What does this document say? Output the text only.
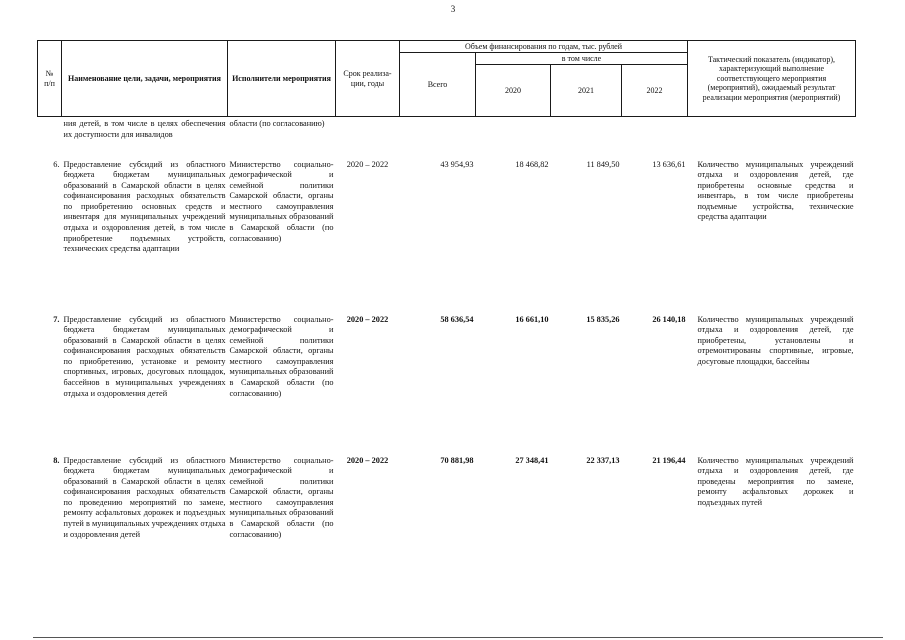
3
№
п/п	Наименование цели, задачи, мероприятия	Исполнители мероприятия	Срок реализа-ции, годы	Объем финансирования по годам, тыс. рублей				Тактический показатель (индикатор), характеризующий выполнение соответствующего мероприятия (мероприятий), ожидаемый результат реализации мероприятия (мероприятий)
				Всего	в том числе			
					2020	2021	2022	
	ния детей, в том числе в целях обеспечения их доступности для инвалидов	области (по согласованию)						
6.	Предоставление субсидий из областного бюджета бюджетам муниципальных образований в Самарской области в целях софинансирования расходных обязательств по приобретению основных средств и инвентаря для муниципальных учреждений отдыха и оздоровления детей, в том числе приобретение подъемных устройств, технических средства адаптации	Министерство социально-демографической и семейной политики Самарской области, органы местного самоуправления муниципальных образований в Самарской области (по согласованию)	2020 – 2022	43 954,93	18 468,82	11 849,50	13 636,61	Количество муниципальных учреждений отдыха и оздоровления детей, где приобретены основные средства и инвентарь, в том числе приобретены подъемные устройства, технические средства адаптации
7.	Предоставление субсидий из областного бюджета бюджетам муниципальных образований в Самарской области в целях софинансирования расходных обязательств по приобретению, установке и ремонту спортивных, игровых, досуговых площадок, бассейнов в муниципальных учреждениях отдыха и оздоровления детей	Министерство социально-демографической и семейной политики Самарской области, органы местного самоуправления муниципальных образований в Самарской области (по согласованию)	2020 – 2022	58 636,54	16 661,10	15 835,26	26 140,18	Количество муниципальных учреждений отдыха и оздоровления детей, где приобретены, установлены и отремонтированы спортивные, игровые, досуговые площадки, бассейны
8.	Предоставление субсидий из областного бюджета бюджетам муниципальных образований в Самарской области в целях софинансирования расходных обязательств по проведению мероприятий по замене, ремонту асфальтовых дорожек и подъездных путей в муниципальных учреждениях отдыха и оздоровления детей	Министерство социально-демографической и семейной политики Самарской области, органы местного самоуправления муниципальных образований в Самарской области (по согласованию)	2020 – 2022	70 881,98	27 348,41	22 337,13	21 196,44	Количество муниципальных учреждений отдыха и оздоровления детей, где проведены мероприятия по замене, ремонту асфальтовых дорожек и подъездных путей
